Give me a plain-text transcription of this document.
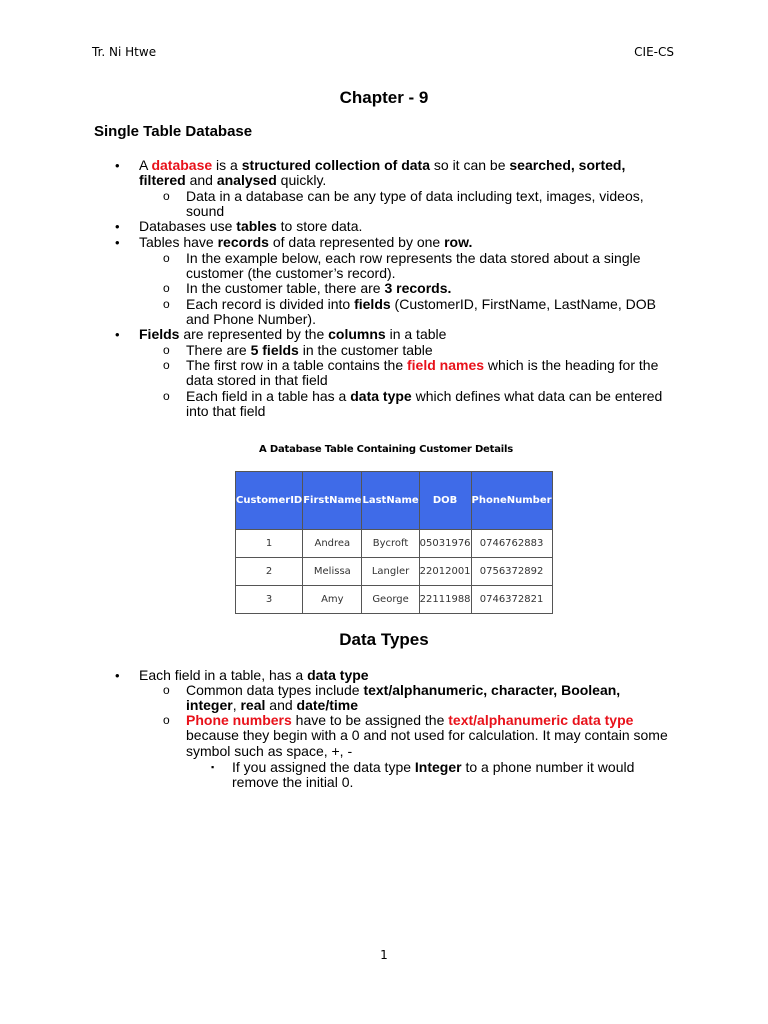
Tr. Ni Htwe	CIE-CS
Chapter - 9
Single Table Database
• A database is a structured collection of data so it can be searched, sorted,
filtered and analysed quickly.
o Data in a database can be any type of data including text, images, videos,
sound
• Databases use tables to store data.
• Tables have records of data represented by one row.
o In the example below, each row represents the data stored about a single
customer (the customer’s record).
o In the customer table, there are 3 records.
o Each record is divided into fields (CustomerID, FirstName, LastName, DOB
and Phone Number).
• Fields are represented by the columns in a table
o There are 5 fields in the customer table
o The first row in a table contains the field names which is the heading for the
data stored in that field
o Each field in a table has a data type which defines what data can be entered
into that field
A Database Table Containing Customer Details
CustomerID	FirstName	LastName	DOB	PhoneNumber
1	Andrea	Bycroft	05031976	0746762883
2	Melissa	Langler	22012001	0756372892
3	Amy	George	22111988	0746372821
Data Types
• Each field in a table, has a data type
o Common data types include text/alphanumeric, character, Boolean,
integer, real and date/time
o Phone numbers have to be assigned the text/alphanumeric data type
because they begin with a 0 and not used for calculation. It may contain some
symbol such as space, +, -
▪ If you assigned the data type Integer to a phone number it would
remove the initial 0.
1
